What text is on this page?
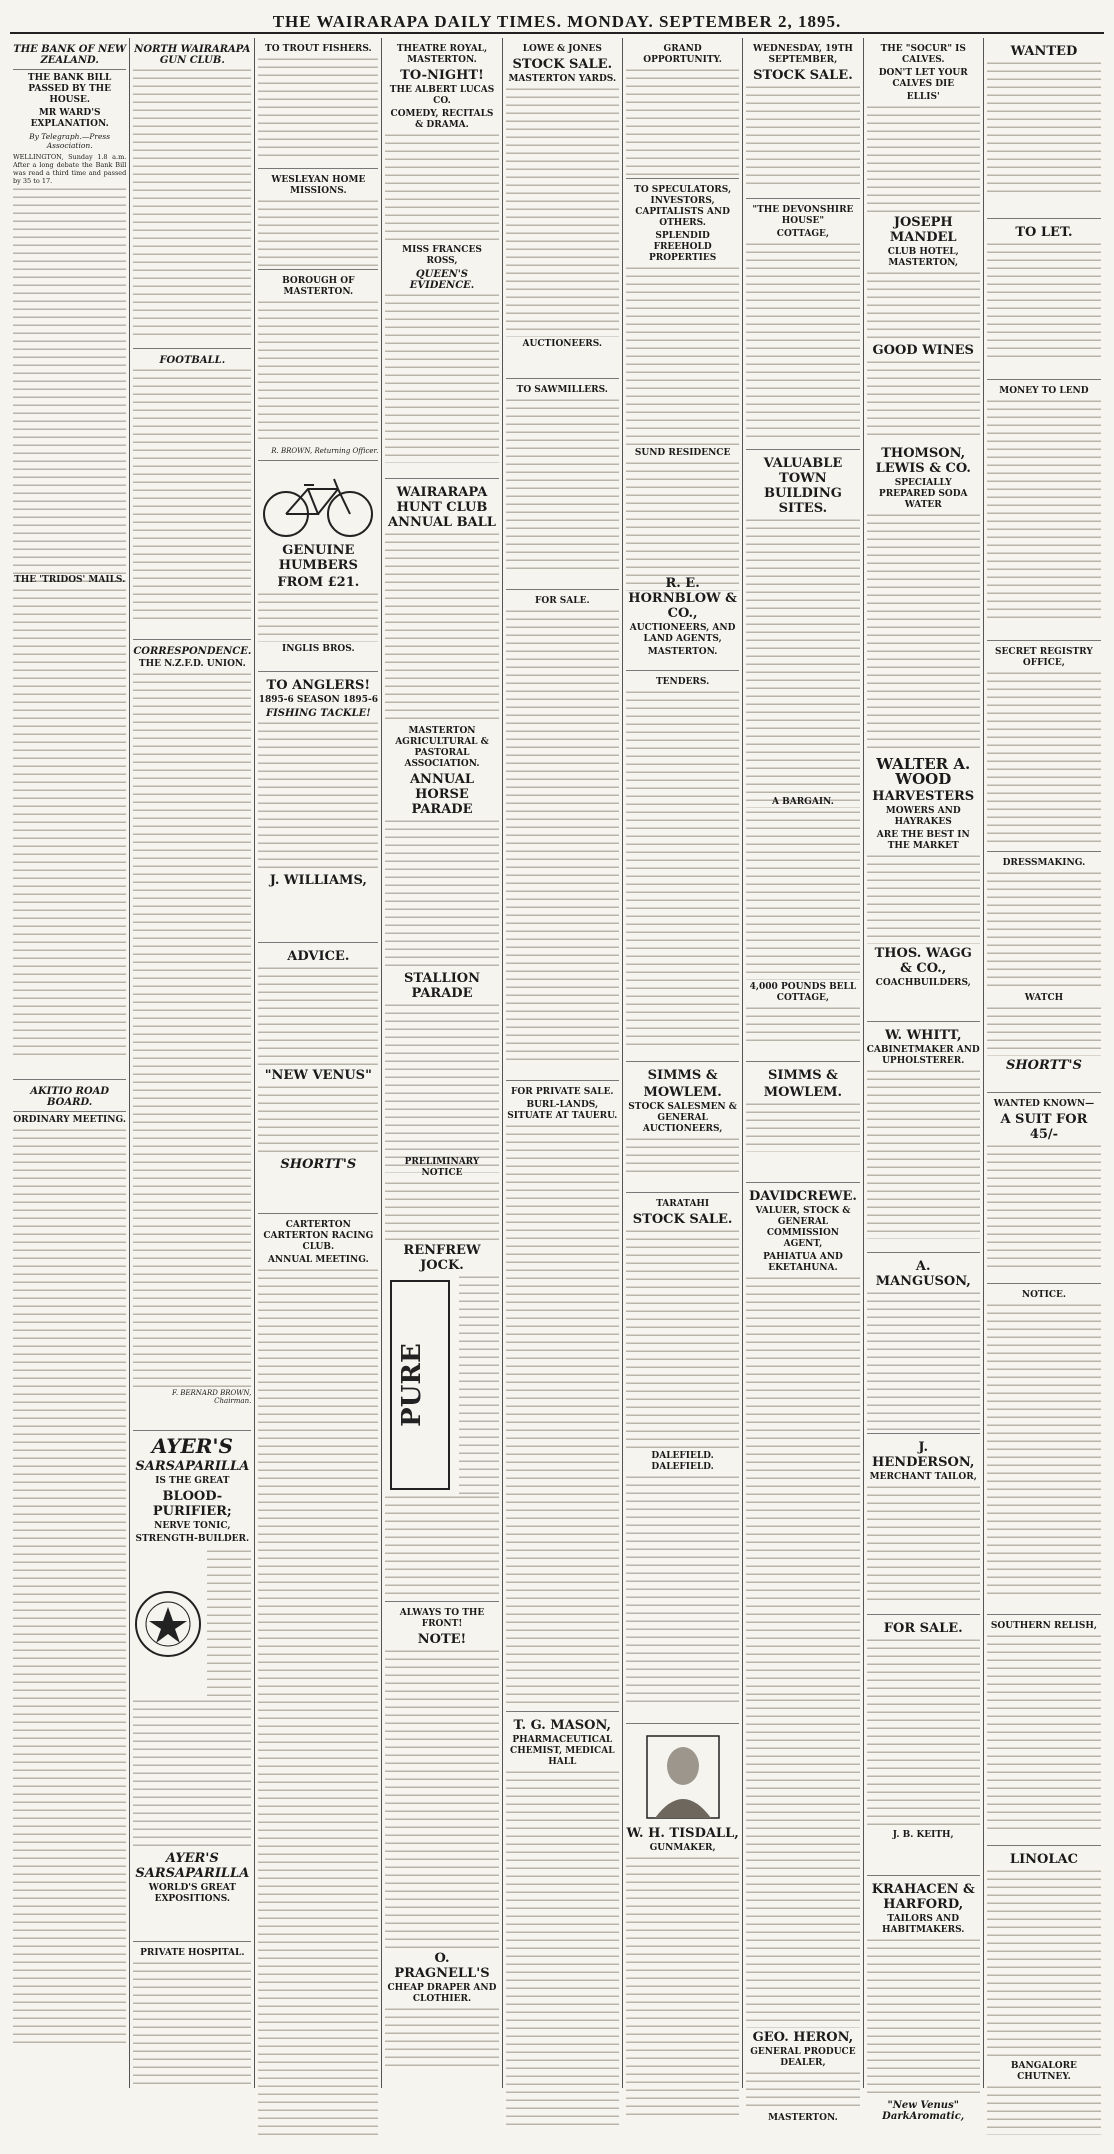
THE WAIRARAPA DAILY TIMES. MONDAY. SEPTEMBER 2, 1895.
THE BANK OF NEW ZEALAND.
THE BANK BILL PASSED BY THE HOUSE.
MR WARD'S EXPLANATION.
By Telegraph.—Press Association.

WELLINGTON, Sunday 1.8 a.m. After a long debate the Bank Bill was read a third time and passed by 35 to 17.

THE 'TRIDOS' MAILS.
AKITIO ROAD BOARD.
ORDINARY MEETING.
NORTH WAIRARAPA GUN CLUB.
FOOTBALL.
CORRESPONDENCE.
THE N.Z.F.D. UNION.
F. BERNARD BROWN, Chairman.
AYER'S
SARSAPARILLA
IS THE GREAT
BLOOD-PURIFIER;
NERVE TONIC,
STRENGTH-BUILDER.
AYER'S SARSAPARILLA
WORLD'S GREAT EXPOSITIONS.
PRIVATE HOSPITAL.
TO TROUT FISHERS.
WESLEYAN HOME MISSIONS.
BOROUGH OF MASTERTON.
R. BROWN, Returning Officer.
GENUINE HUMBERS
FROM £21.
INGLIS BROS.
TO ANGLERS!
1895-6 SEASON 1895-6
FISHING TACKLE!
J. WILLIAMS,
ADVICE.
"NEW VENUS"
SHORTT'S
CARTERTON CARTERTON RACING CLUB.
ANNUAL MEETING.
THEATRE ROYAL, MASTERTON.
TO-NIGHT!
THE ALBERT LUCAS CO.
COMEDY, RECITALS & DRAMA.
MISS FRANCES ROSS,
QUEEN'S EVIDENCE.
WAIRARAPA HUNT CLUB ANNUAL BALL
MASTERTON AGRICULTURAL & PASTORAL ASSOCIATION.
ANNUAL HORSE PARADE
STALLION PARADE
PRELIMINARY NOTICE
RENFREW JOCK.
PURE
ALWAYS TO THE FRONT!
NOTE!
O. PRAGNELL'S
CHEAP DRAPER AND CLOTHIER.
LOWE & JONES
STOCK SALE.
MASTERTON YARDS.
AUCTIONEERS.
TO SAWMILLERS.
FOR SALE.
FOR PRIVATE SALE.
BURL-LANDS, SITUATE AT TAUERU.
T. G. MASON,
PHARMACEUTICAL CHEMIST, MEDICAL HALL
GRAND OPPORTUNITY.
TO SPECULATORS, INVESTORS, CAPITALISTS AND OTHERS.
SPLENDID FREEHOLD PROPERTIES
SUND RESIDENCE
R. E. HORNBLOW & CO.,
AUCTIONEERS, AND LAND AGENTS,
MASTERTON.
TENDERS.
SIMMS &
MOWLEM.
STOCK SALESMEN & GENERAL AUCTIONEERS,
TARATAHI
STOCK SALE.
DALEFIELD. DALEFIELD.
W. H. TISDALL,
GUNMAKER,
WEDNESDAY, 19TH SEPTEMBER,
STOCK SALE.
"THE DEVONSHIRE HOUSE"
COTTAGE,
VALUABLE TOWN BUILDING SITES.
A BARGAIN.
4,000 POUNDS BELL COTTAGE,
SIMMS &
MOWLEM.
DAVIDCREWE.
VALUER, STOCK & GENERAL COMMISSION AGENT,
PAHIATUA AND EKETAHUNA.
GEO. HERON,
GENERAL PRODUCE DEALER,
MASTERTON.
THE "SOCUR" IS CALVES.
DON'T LET YOUR CALVES DIE
ELLIS'
JOSEPH MANDEL
CLUB HOTEL, MASTERTON,
GOOD WINES
THOMSON, LEWIS & CO.
SPECIALLY PREPARED SODA WATER
WALTER A. WOOD
HARVESTERS
MOWERS AND HAYRAKES
ARE THE BEST IN THE MARKET
THOS. WAGG & CO.,
COACHBUILDERS,
W. WHITT,
CABINETMAKER AND UPHOLSTERER.
A. MANGUSON,
J. HENDERSON,
MERCHANT TAILOR,
FOR SALE.
J. B. KEITH,
KRAHACEN & HARFORD,
TAILORS AND HABITMAKERS.
"New Venus" DarkAromatic,
WANTED
TO LET.
MONEY TO LEND
SECRET REGISTRY OFFICE,
DRESSMAKING.
WATCH
SHORTT'S
WANTED KNOWN—
A SUIT FOR 45/-
NOTICE.
SOUTHERN RELISH,
LINOLAC
BANGALORE CHUTNEY.
